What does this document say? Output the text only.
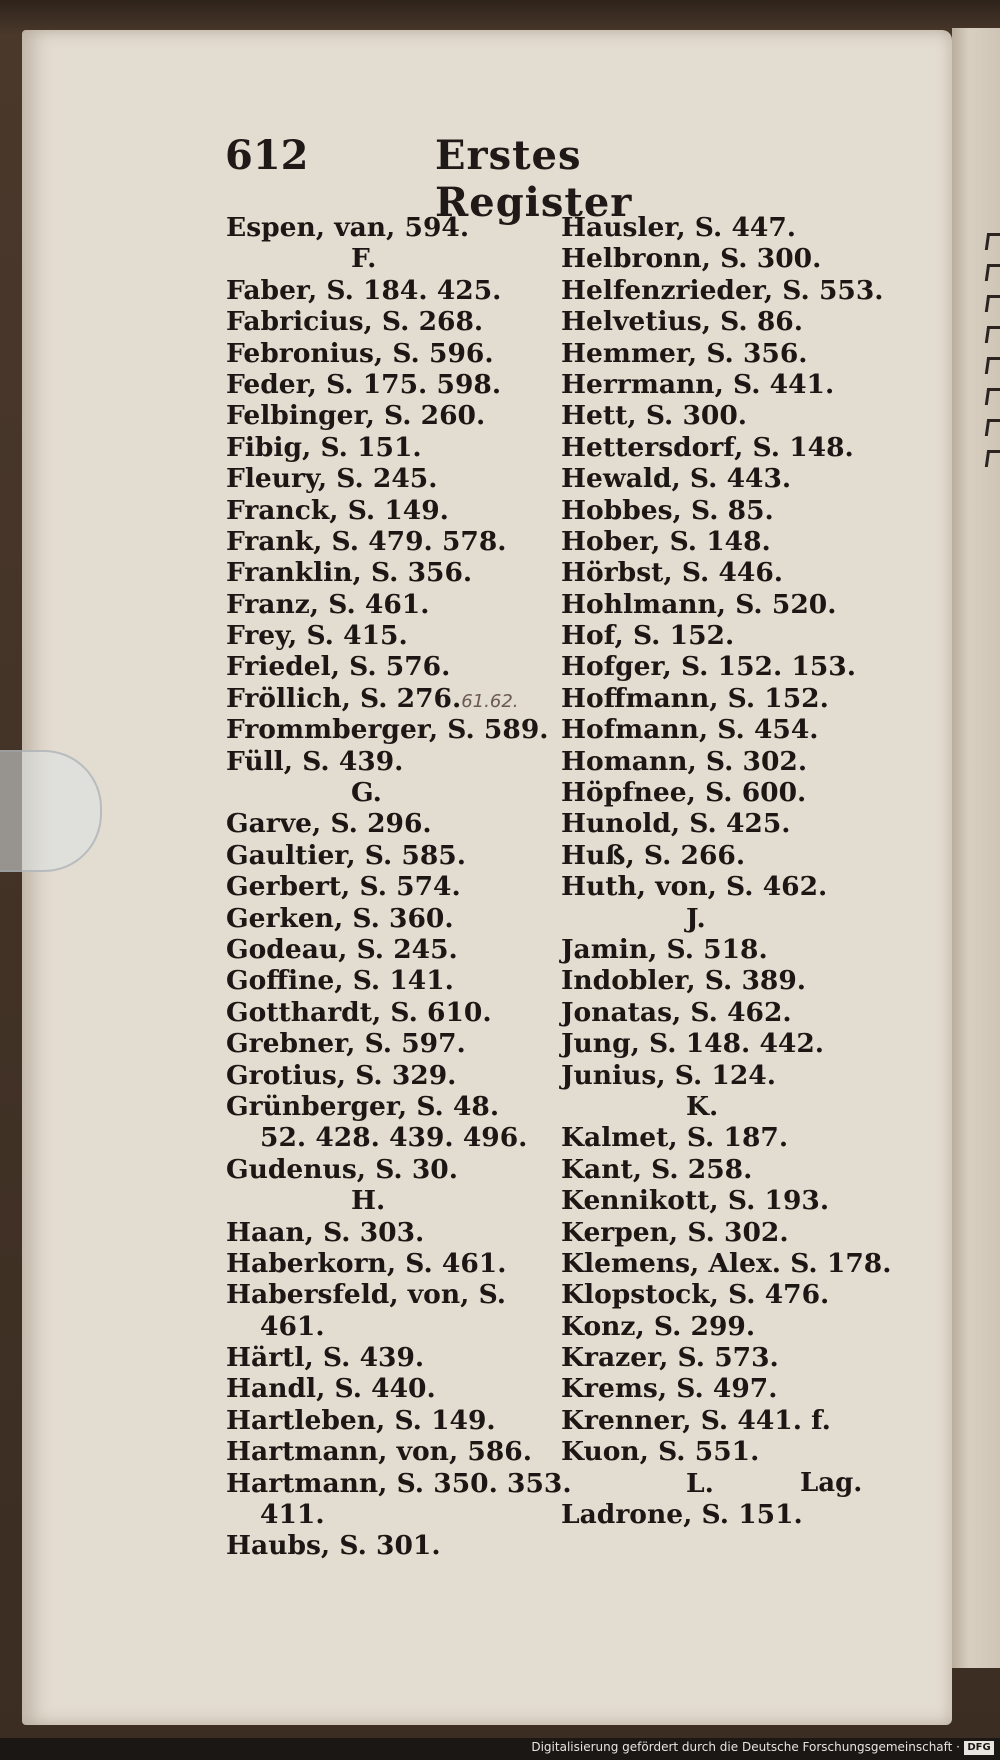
612	Erstes Register
Espen, van, 594.
F.
Faber, S. 184. 425.
Fabricius, S. 268.
Febronius, S. 596.
Feder, S. 175. 598.
Felbinger, S. 260.
Fibig, S. 151.
Fleury, S. 245.
Franck, S. 149.
Frank, S. 479. 578.
Franklin, S. 356.
Franz, S. 461.
Frey, S. 415.
Friedel, S. 576.
Fröllich, S. 276.61.62.
Frommberger, S. 589.
Füll, S. 439.
G.
Garve, S. 296.
Gaultier, S. 585.
Gerbert, S. 574.
Gerken, S. 360.
Godeau, S. 245.
Goffine, S. 141.
Gotthardt, S. 610.
Grebner, S. 597.
Grotius, S. 329.
Grünberger, S. 48.
52. 428. 439. 496.
Gudenus, S. 30.
H.
Haan, S. 303.
Haberkorn, S. 461.
Habersfeld, von, S.
461.
Härtl, S. 439.
Handl, S. 440.
Hartleben, S. 149.
Hartmann, von, 586.
Hartmann, S. 350. 353.
411.
Haubs, S. 301.
Hausler, S. 447.
Helbronn, S. 300.
Helfenzrieder, S. 553.
Helvetius, S. 86.
Hemmer, S. 356.
Herrmann, S. 441.
Hett, S. 300.
Hettersdorf, S. 148.
Hewald, S. 443.
Hobbes, S. 85.
Hober, S. 148.
Hörbst, S. 446.
Hohlmann, S. 520.
Hof, S. 152.
Hofger, S. 152. 153.
Hoffmann, S. 152.
Hofmann, S. 454.
Homann, S. 302.
Höpfnee, S. 600.
Hunold, S. 425.
Huß, S. 266.
Huth, von, S. 462.
J.
Jamin, S. 518.
Indobler, S. 389.
Jonatas, S. 462.
Jung, S. 148. 442.
Junius, S. 124.
K.
Kalmet, S. 187.
Kant, S. 258.
Kennikott, S. 193.
Kerpen, S. 302.
Klemens, Alex. S. 178.
Klopstock, S. 476.
Konz, S. 299.
Krazer, S. 573.
Krems, S. 497.
Krenner, S. 441. f.
Kuon, S. 551.
L.
Ladrone, S. 151.
Lag.
Digitalisierung gefördert durch die Deutsche Forschungsgemeinschaft · DFG
